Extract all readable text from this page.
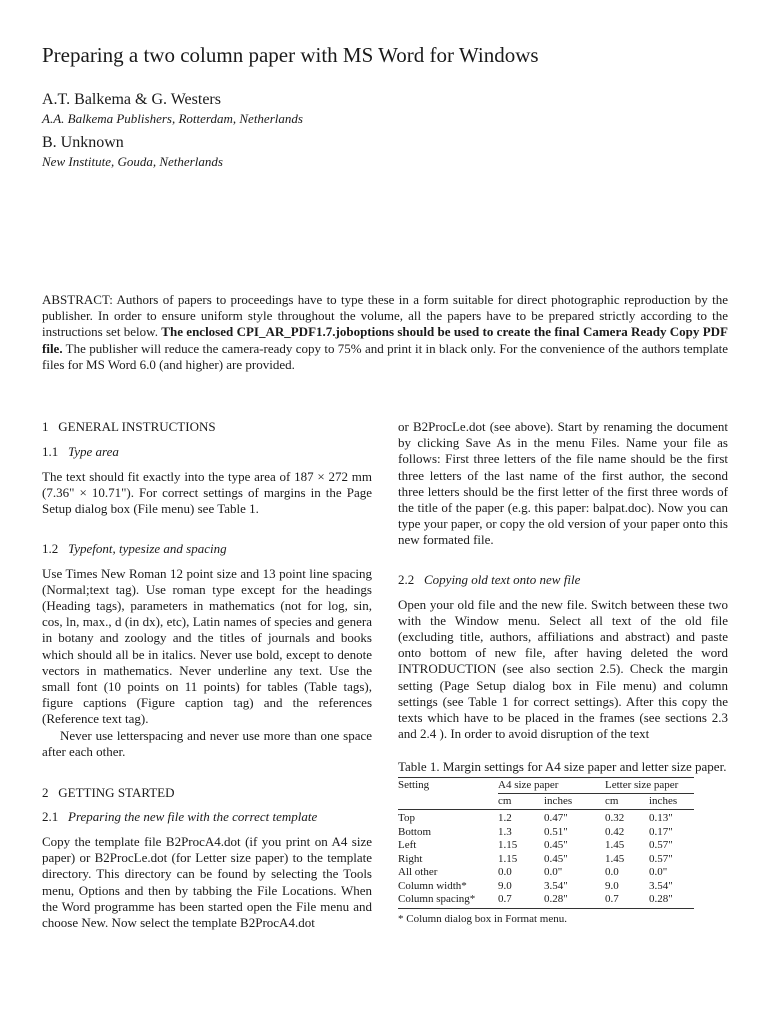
Preparing a two column paper with MS Word for Windows
A.T. Balkema & G. Westers
A.A. Balkema Publishers, Rotterdam, Netherlands
B. Unknown
New Institute, Gouda, Netherlands

ABSTRACT: Authors of papers to proceedings have to type these in a form suitable for direct photographic reproduction by the publisher. In order to ensure uniform style throughout the volume, all the papers have to be prepared strictly according to the instructions set below. The enclosed CPI_AR_PDF1.7.joboptions should be used to create the final Camera Ready Copy PDF file. The publisher will reduce the camera-ready copy to 75% and print it in black only. For the convenience of the authors template files for MS Word 6.0 (and higher) are provided.

1 GENERAL INSTRUCTIONS
1.1 Type area

The text should fit exactly into the type area of 187 × 272 mm (7.36" × 10.71"). For correct settings of margins in the Page Setup dialog box (File menu) see Table 1.

1.2 Typefont, typesize and spacing

Use Times New Roman 12 point size and 13 point line spacing (Normal;text tag). Use roman type except for the headings (Heading tags), parameters in mathematics (not for log, sin, cos, ln, max., d (in dx), etc), Latin names of species and genera in botany and zoology and the titles of journals and books which should all be in italics. Never use bold, except to denote vectors in mathematics. Never underline any text. Use the small font (10 points on 11 points) for tables (Table tags), figure captions (Figure caption tag) and the references (Reference text tag).

Never use letterspacing and never use more than one space after each other.

2 GETTING STARTED
2.1 Preparing the new file with the correct template

Copy the template file B2ProcA4.dot (if you print on A4 size paper) or B2ProcLe.dot (for Letter size paper) to the template directory. This directory can be found by selecting the Tools menu, Options and then by tabbing the File Locations. When the Word programme has been started open the File menu and choose New. Now select the template B2ProcA4.dot

or B2ProcLe.dot (see above). Start by renaming the document by clicking Save As in the menu Files. Name your file as follows: First three letters of the file name should be the first three letters of the last name of the first author, the second three letters should be the first letter of the first three words of the title of the paper (e.g. this paper: balpat.doc). Now you can type your paper, or copy the old version of your paper onto this new formated file.

2.2 Copying old text onto new file

Open your old file and the new file. Switch between these two with the Window menu. Select all text of the old file (excluding title, authors, affiliations and abstract) and paste onto bottom of new file, after having deleted the word INTRODUCTION (see also section 2.5). Check the margin setting (Page Setup dialog box in File menu) and column settings (see Table 1 for correct settings). After this copy the texts which have to be placed in the frames (see sections 2.3 and 2.4 ). In order to avoid disruption of the text

Table 1. Margin settings for A4 size paper and letter size paper.

Setting	A4 size paper		Letter size paper	
	cm	inches	cm	inches
Top	1.2	0.47"	0.32	0.13"
Bottom	1.3	0.51"	0.42	0.17"
Left	1.15	0.45"	1.45	0.57"
Right	1.15	0.45"	1.45	0.57"
All other	0.0	0.0"	0.0	0.0"
Column width*	9.0	3.54"	9.0	3.54"
Column spacing*	0.7	0.28"	0.7	0.28"
* Column dialog box in Format menu.
